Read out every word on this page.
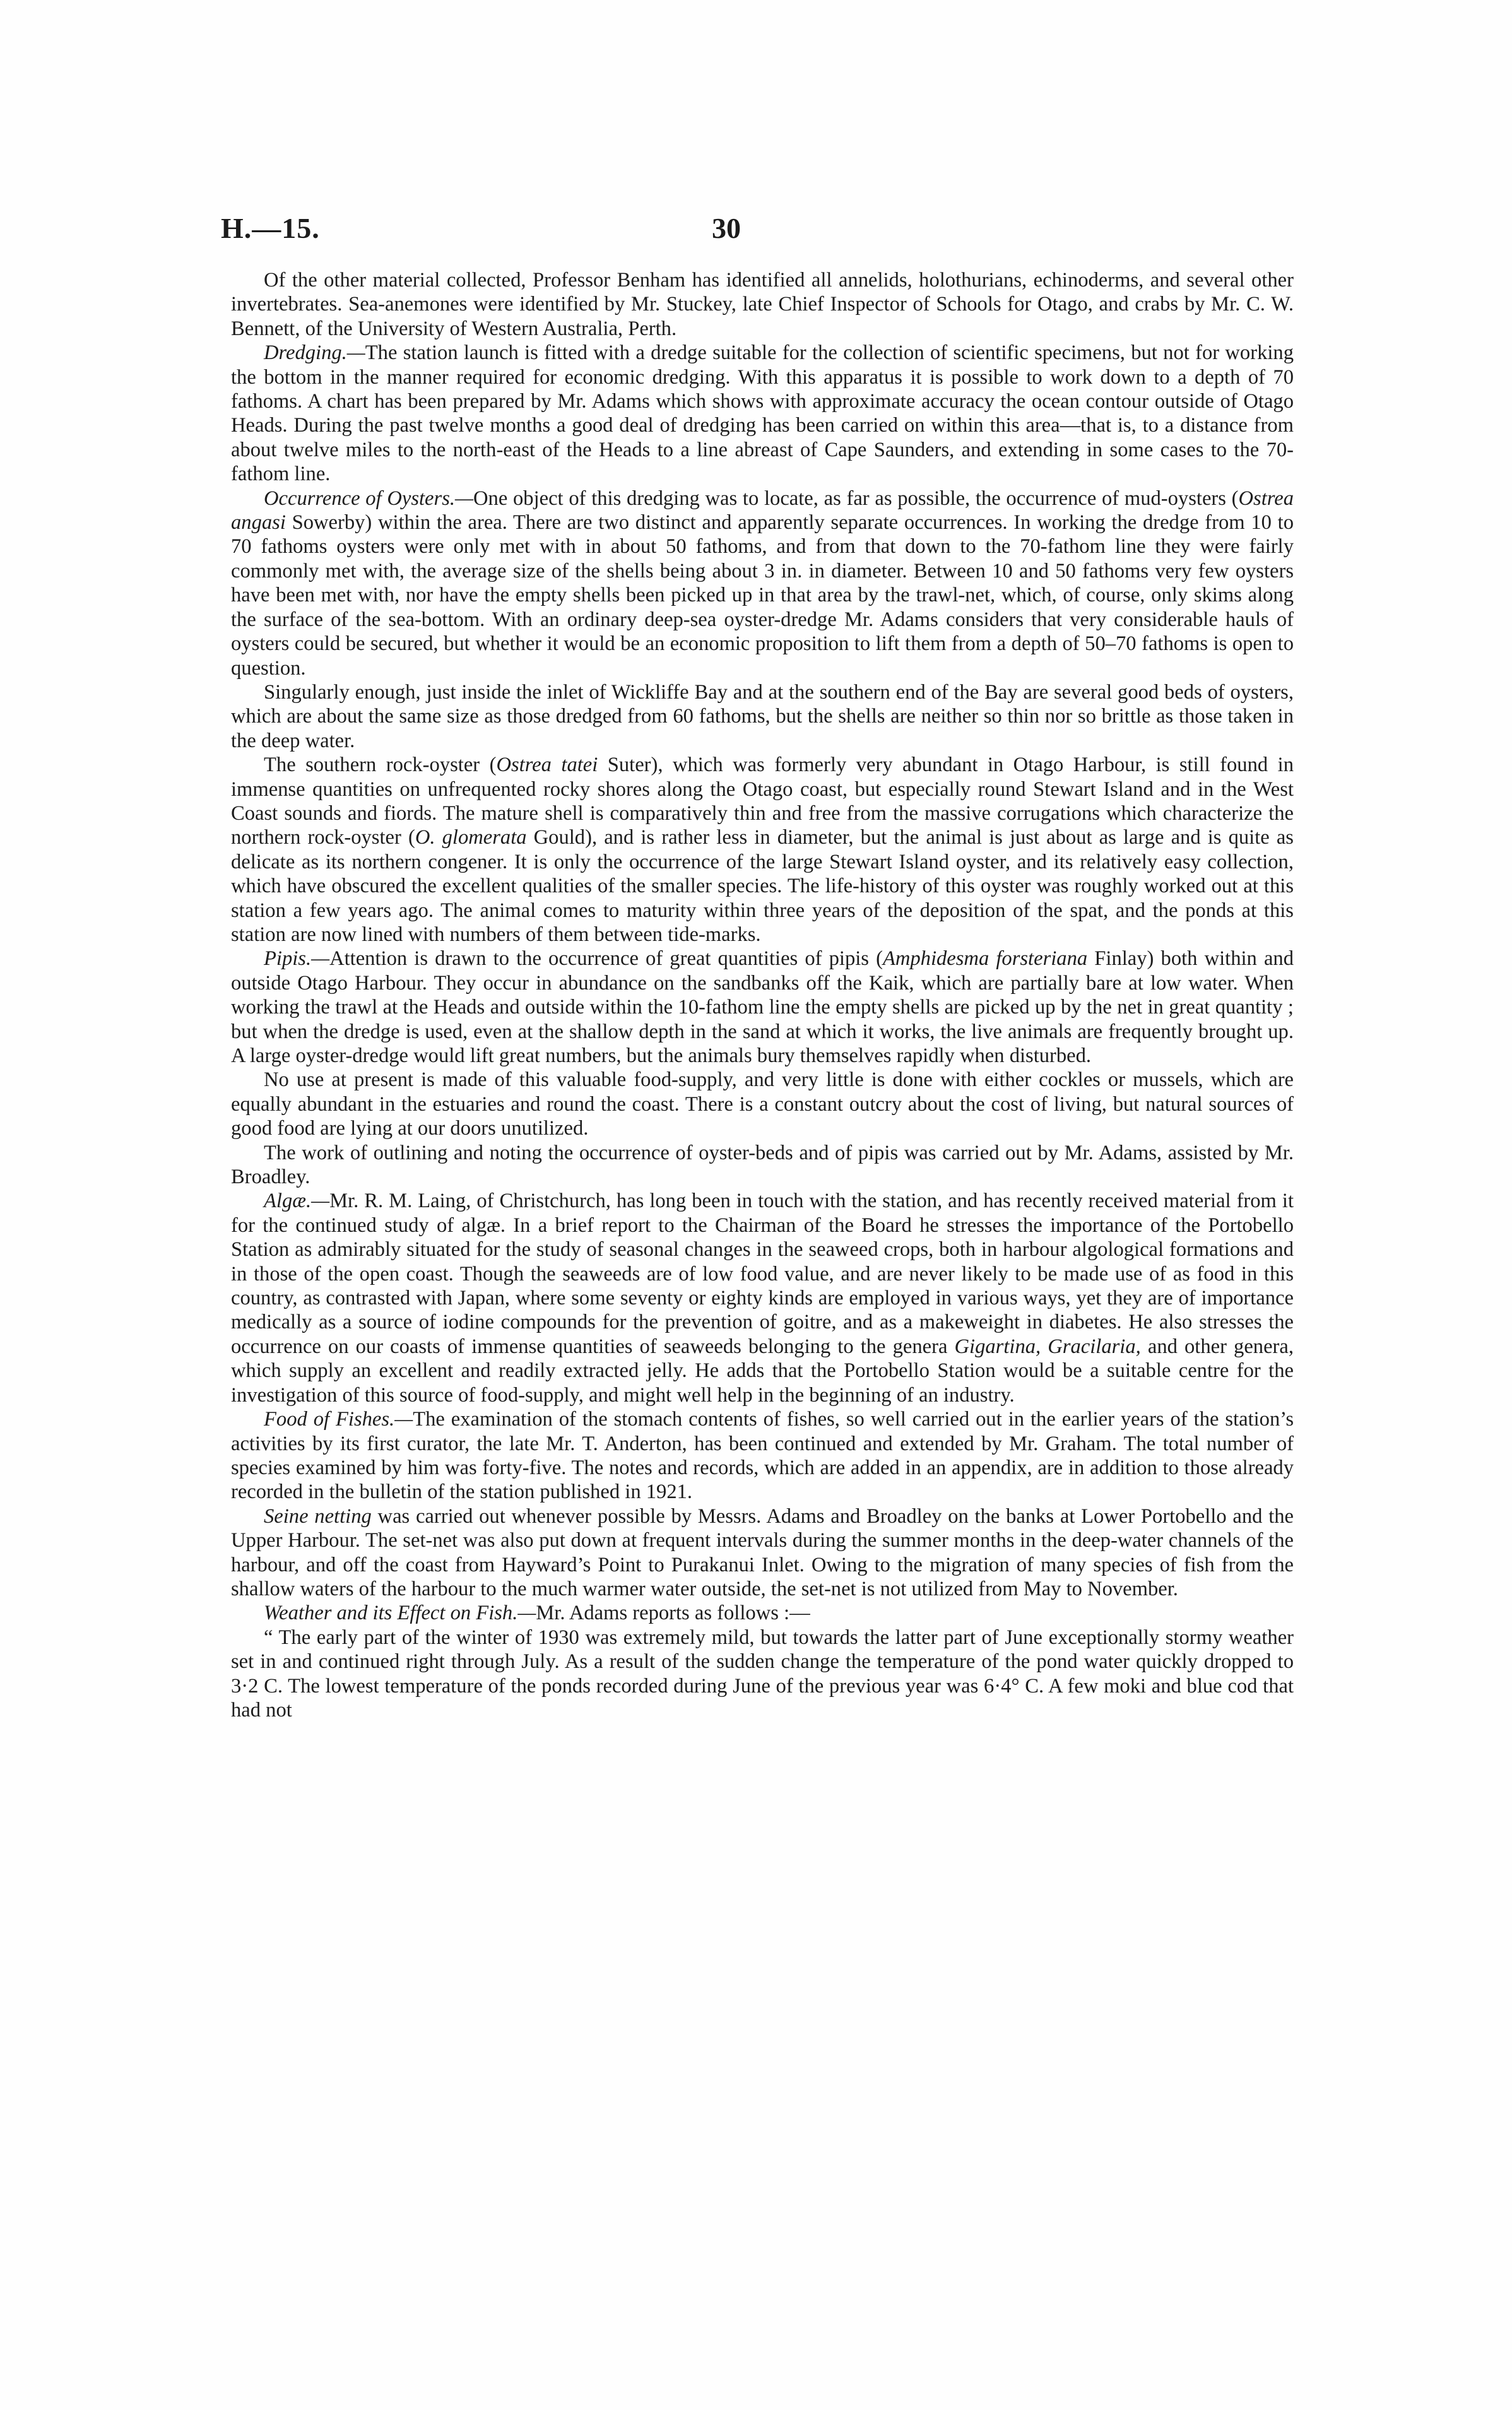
H.—15.	30

Of the other material collected, Professor Benham has identified all annelids, holothurians, echinoderms, and several other invertebrates. Sea-anemones were identified by Mr. Stuckey, late Chief Inspector of Schools for Otago, and crabs by Mr. C. W. Bennett, of the University of Western Australia, Perth.

Dredging.—The station launch is fitted with a dredge suitable for the collection of scientific specimens, but not for working the bottom in the manner required for economic dredging. With this apparatus it is possible to work down to a depth of 70 fathoms. A chart has been prepared by Mr. Adams which shows with approximate accuracy the ocean contour outside of Otago Heads. During the past twelve months a good deal of dredging has been carried on within this area—that is, to a distance from about twelve miles to the north-east of the Heads to a line abreast of Cape Saunders, and extending in some cases to the 70-fathom line.

Occurrence of Oysters.—One object of this dredging was to locate, as far as possible, the occurrence of mud-oysters (Ostrea angasi Sowerby) within the area. There are two distinct and apparently separate occurrences. In working the dredge from 10 to 70 fathoms oysters were only met with in about 50 fathoms, and from that down to the 70-fathom line they were fairly commonly met with, the average size of the shells being about 3 in. in diameter. Between 10 and 50 fathoms very few oysters have been met with, nor have the empty shells been picked up in that area by the trawl-net, which, of course, only skims along the surface of the sea-bottom. With an ordinary deep-sea oyster-dredge Mr. Adams considers that very considerable hauls of oysters could be secured, but whether it would be an economic proposition to lift them from a depth of 50–70 fathoms is open to question.

Singularly enough, just inside the inlet of Wickliffe Bay and at the southern end of the Bay are several good beds of oysters, which are about the same size as those dredged from 60 fathoms, but the shells are neither so thin nor so brittle as those taken in the deep water.

The southern rock-oyster (Ostrea tatei Suter), which was formerly very abundant in Otago Harbour, is still found in immense quantities on unfrequented rocky shores along the Otago coast, but especially round Stewart Island and in the West Coast sounds and fiords. The mature shell is comparatively thin and free from the massive corrugations which characterize the northern rock-oyster (O. glomerata Gould), and is rather less in diameter, but the animal is just about as large and is quite as delicate as its northern congener. It is only the occurrence of the large Stewart Island oyster, and its relatively easy collection, which have obscured the excellent qualities of the smaller species. The life-history of this oyster was roughly worked out at this station a few years ago. The animal comes to maturity within three years of the deposition of the spat, and the ponds at this station are now lined with numbers of them between tide-marks.

Pipis.—Attention is drawn to the occurrence of great quantities of pipis (Amphidesma forsteriana Finlay) both within and outside Otago Harbour. They occur in abundance on the sandbanks off the Kaik, which are partially bare at low water. When working the trawl at the Heads and outside within the 10-fathom line the empty shells are picked up by the net in great quantity ; but when the dredge is used, even at the shallow depth in the sand at which it works, the live animals are frequently brought up. A large oyster-dredge would lift great numbers, but the animals bury themselves rapidly when disturbed.

No use at present is made of this valuable food-supply, and very little is done with either cockles or mussels, which are equally abundant in the estuaries and round the coast. There is a constant outcry about the cost of living, but natural sources of good food are lying at our doors unutilized.

The work of outlining and noting the occurrence of oyster-beds and of pipis was carried out by Mr. Adams, assisted by Mr. Broadley.

Algæ.—Mr. R. M. Laing, of Christchurch, has long been in touch with the station, and has recently received material from it for the continued study of algæ. In a brief report to the Chairman of the Board he stresses the importance of the Portobello Station as admirably situated for the study of seasonal changes in the seaweed crops, both in harbour algological formations and in those of the open coast. Though the seaweeds are of low food value, and are never likely to be made use of as food in this country, as contrasted with Japan, where some seventy or eighty kinds are employed in various ways, yet they are of importance medically as a source of iodine compounds for the prevention of goitre, and as a makeweight in diabetes. He also stresses the occurrence on our coasts of immense quantities of seaweeds belonging to the genera Gigartina, Gracilaria, and other genera, which supply an excellent and readily extracted jelly. He adds that the Portobello Station would be a suitable centre for the investigation of this source of food-supply, and might well help in the beginning of an industry.

Food of Fishes.—The examination of the stomach contents of fishes, so well carried out in the earlier years of the station’s activities by its first curator, the late Mr. T. Anderton, has been continued and extended by Mr. Graham. The total number of species examined by him was forty-five. The notes and records, which are added in an appendix, are in addition to those already recorded in the bulletin of the station published in 1921.

Seine netting was carried out whenever possible by Messrs. Adams and Broadley on the banks at Lower Portobello and the Upper Harbour. The set-net was also put down at frequent intervals during the summer months in the deep-water channels of the harbour, and off the coast from Hayward’s Point to Purakanui Inlet. Owing to the migration of many species of fish from the shallow waters of the harbour to the much warmer water outside, the set-net is not utilized from May to November.

Weather and its Effect on Fish.—Mr. Adams reports as follows :—

“ The early part of the winter of 1930 was extremely mild, but towards the latter part of June exceptionally stormy weather set in and continued right through July. As a result of the sudden change the temperature of the pond water quickly dropped to 3·2 C. The lowest temperature of the ponds recorded during June of the previous year was 6·4° C. A few moki and blue cod that had not
